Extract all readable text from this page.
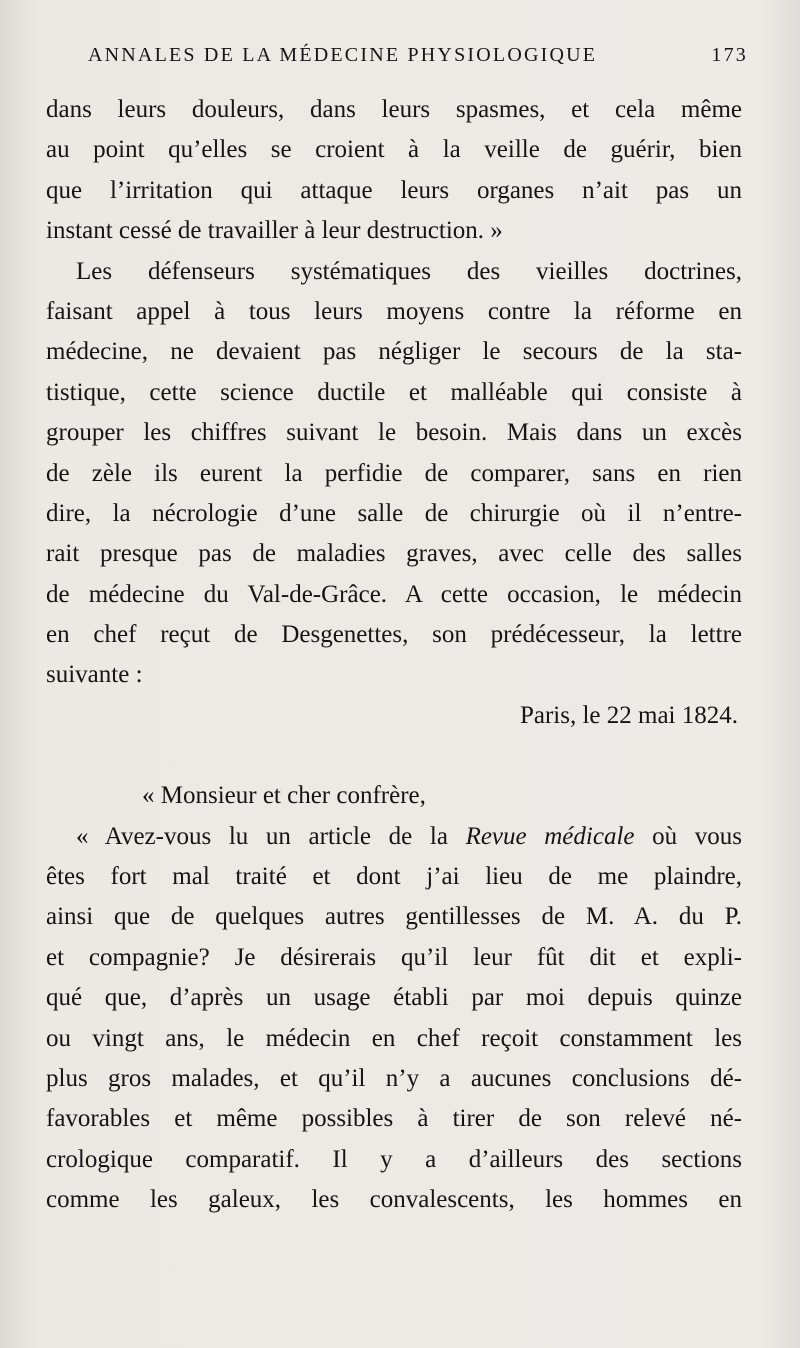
ANNALES DE LA MÉDECINE PHYSIOLOGIQUE	173
dans leurs douleurs, dans leurs spasmes, et cela même
au point qu’elles se croient à la veille de guérir, bien
que l’irritation qui attaque leurs organes n’ait pas un
instant cessé de travailler à leur destruction. »
Les défenseurs systématiques des vieilles doctrines,
faisant appel à tous leurs moyens contre la réforme en
médecine, ne devaient pas négliger le secours de la sta-
tistique, cette science ductile et malléable qui consiste à
grouper les chiffres suivant le besoin. Mais dans un excès
de zèle ils eurent la perfidie de comparer, sans en rien
dire, la nécrologie d’une salle de chirurgie où il n’entre-
rait presque pas de maladies graves, avec celle des salles
de médecine du Val-de-Grâce. A cette occasion, le médecin
en chef reçut de Desgenettes, son prédécesseur, la lettre
suivante :
Paris, le 22 mai 1824.
« Monsieur et cher confrère,
« Avez-vous lu un article de la Revue médicale où vous
êtes fort mal traité et dont j’ai lieu de me plaindre,
ainsi que de quelques autres gentillesses de M. A. du P.
et compagnie? Je désirerais qu’il leur fût dit et expli-
qué que, d’après un usage établi par moi depuis quinze
ou vingt ans, le médecin en chef reçoit constamment les
plus gros malades, et qu’il n’y a aucunes conclusions dé-
favorables et même possibles à tirer de son relevé né-
crologique comparatif. Il y a d’ailleurs des sections
comme les galeux, les convalescents, les hommes en
